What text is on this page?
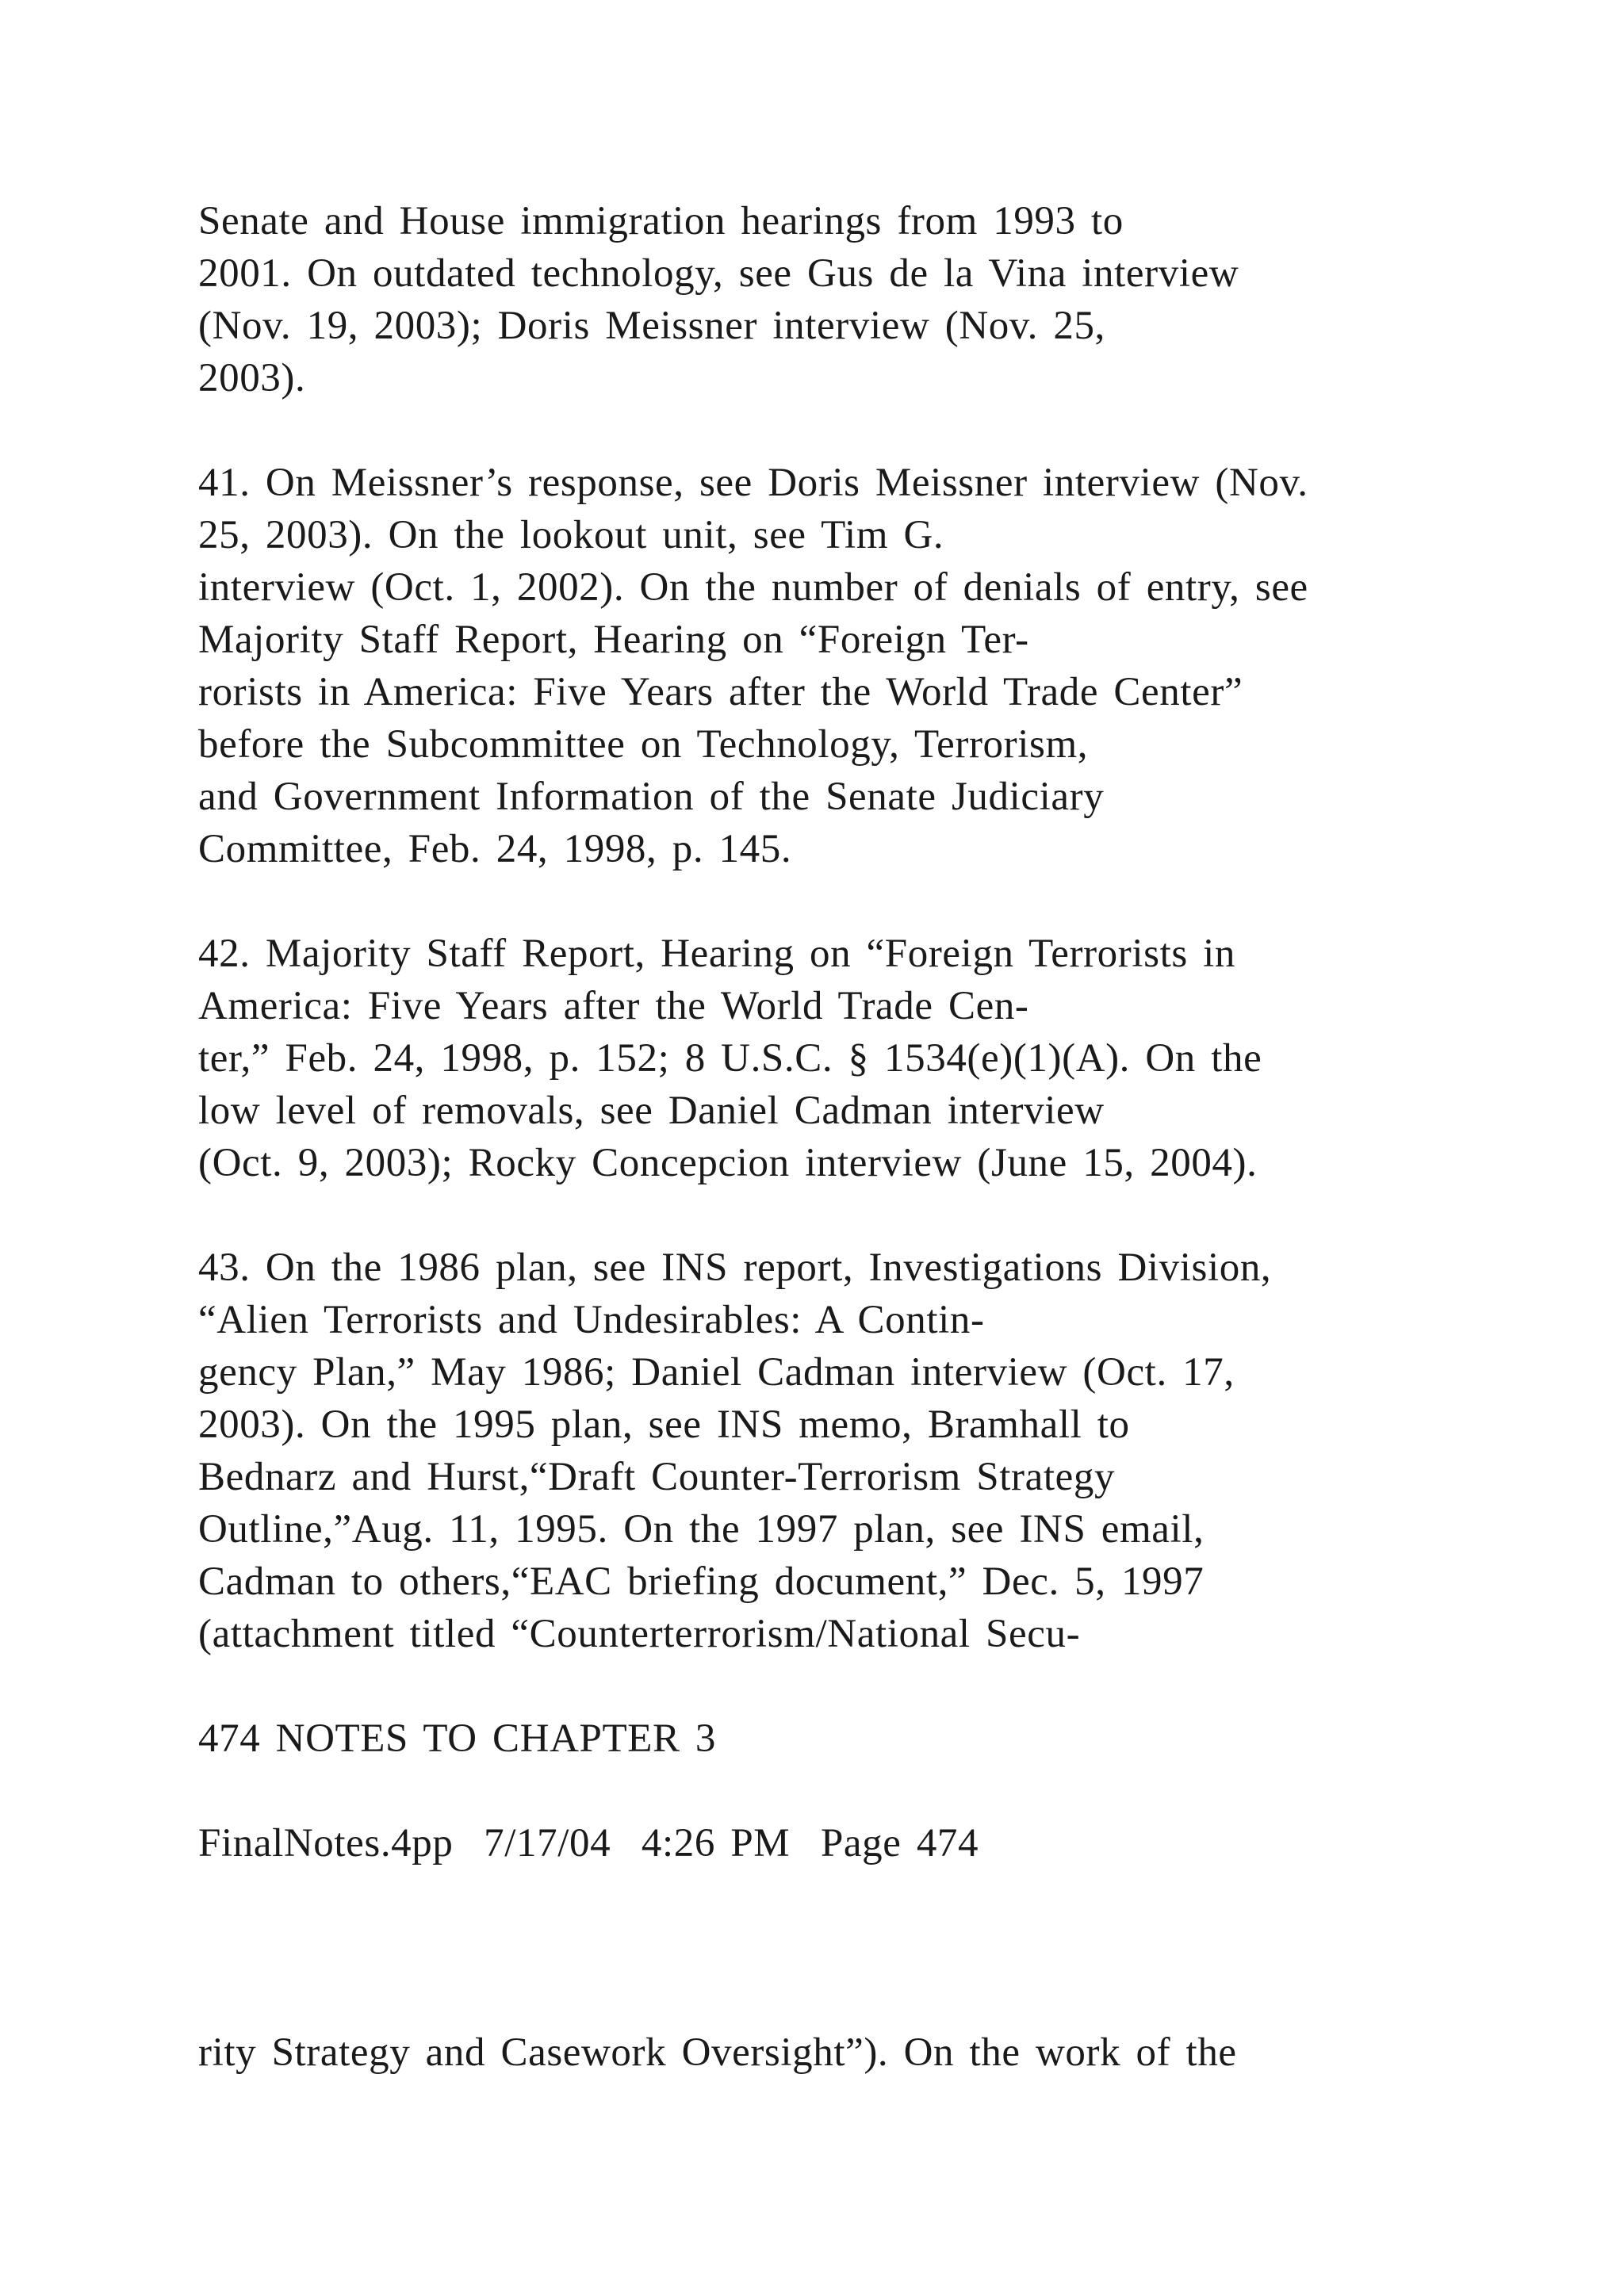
Senate and House immigration hearings from 1993 to
2001. On outdated technology, see Gus de la Vina interview
(Nov. 19, 2003); Doris Meissner interview (Nov. 25,
2003).
41. On Meissner’s response, see Doris Meissner interview (Nov.
25, 2003). On the lookout unit, see Tim G.
interview (Oct. 1, 2002). On the number of denials of entry, see
Majority Staff Report, Hearing on “Foreign Ter-
rorists in America: Five Years after the World Trade Center”
before the Subcommittee on Technology, Terrorism,
and Government Information of the Senate Judiciary
Committee, Feb. 24, 1998, p. 145.
42. Majority Staff Report, Hearing on “Foreign Terrorists in
America: Five Years after the World Trade Cen-
ter,” Feb. 24, 1998, p. 152; 8 U.S.C. § 1534(e)(1)(A). On the
low level of removals, see Daniel Cadman interview
(Oct. 9, 2003); Rocky Concepcion interview (June 15, 2004).
43. On the 1986 plan, see INS report, Investigations Division,
“Alien Terrorists and Undesirables: A Contin-
gency Plan,” May 1986; Daniel Cadman interview (Oct. 17,
2003). On the 1995 plan, see INS memo, Bramhall to
Bednarz and Hurst,“Draft Counter-Terrorism Strategy
Outline,”Aug. 11, 1995. On the 1997 plan, see INS email,
Cadman to others,“EAC briefing document,” Dec. 5, 1997
(attachment titled “Counterterrorism/National Secu-
474 NOTES TO CHAPTER 3
FinalNotes.4pp  7/17/04  4:26 PM  Page 474
rity Strategy and Casework Oversight”). On the work of the
